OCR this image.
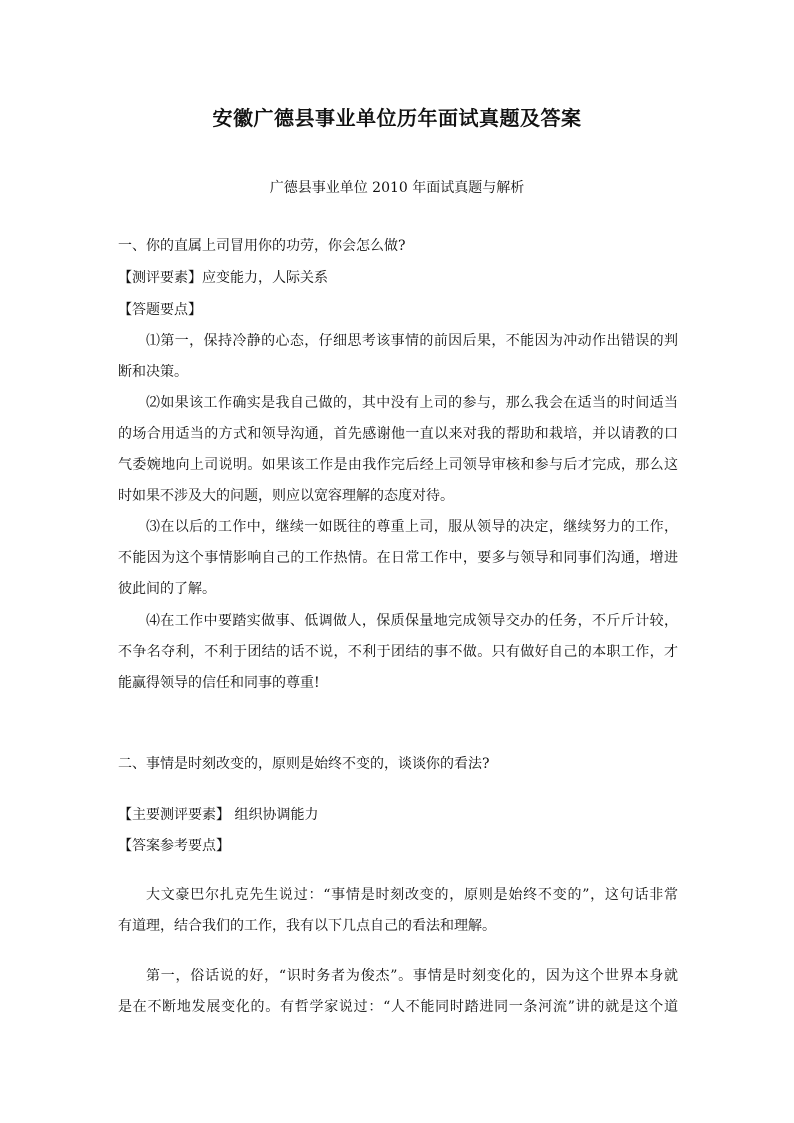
安徽广德县事业单位历年面试真题及答案
广德县事业单位 2010 年面试真题与解析
一、你的直属上司冒用你的功劳，你会怎么做?
【测评要素】应变能力，人际关系
【答题要点】
⑴第一，保持冷静的心态，仔细思考该事情的前因后果，不能因为冲动作出错误的判
断和决策。
⑵如果该工作确实是我自己做的，其中没有上司的参与，那么我会在适当的时间适当
的场合用适当的方式和领导沟通，首先感谢他一直以来对我的帮助和栽培，并以请教的口
气委婉地向上司说明。如果该工作是由我作完后经上司领导审核和参与后才完成，那么这
时如果不涉及大的问题，则应以宽容理解的态度对待。
⑶在以后的工作中，继续一如既往的尊重上司，服从领导的决定，继续努力的工作，
不能因为这个事情影响自己的工作热情。在日常工作中，要多与领导和同事们沟通，增进
彼此间的了解。
⑷在工作中要踏实做事、低调做人，保质保量地完成领导交办的任务，不斤斤计较，
不争名夺利，不利于团结的话不说，不利于团结的事不做。只有做好自己的本职工作，才
能赢得领导的信任和同事的尊重!
二、事情是时刻改变的，原则是始终不变的，谈谈你的看法?
【主要测评要素】 组织协调能力
【答案参考要点】
大文豪巴尔扎克先生说过：“事情是时刻改变的，原则是始终不变的”，这句话非常
有道理，结合我们的工作，我有以下几点自己的看法和理解。
第一，俗话说的好，“识时务者为俊杰”。事情是时刻变化的，因为这个世界本身就
是在不断地发展变化的。有哲学家说过：“人不能同时踏进同一条河流”讲的就是这个道
